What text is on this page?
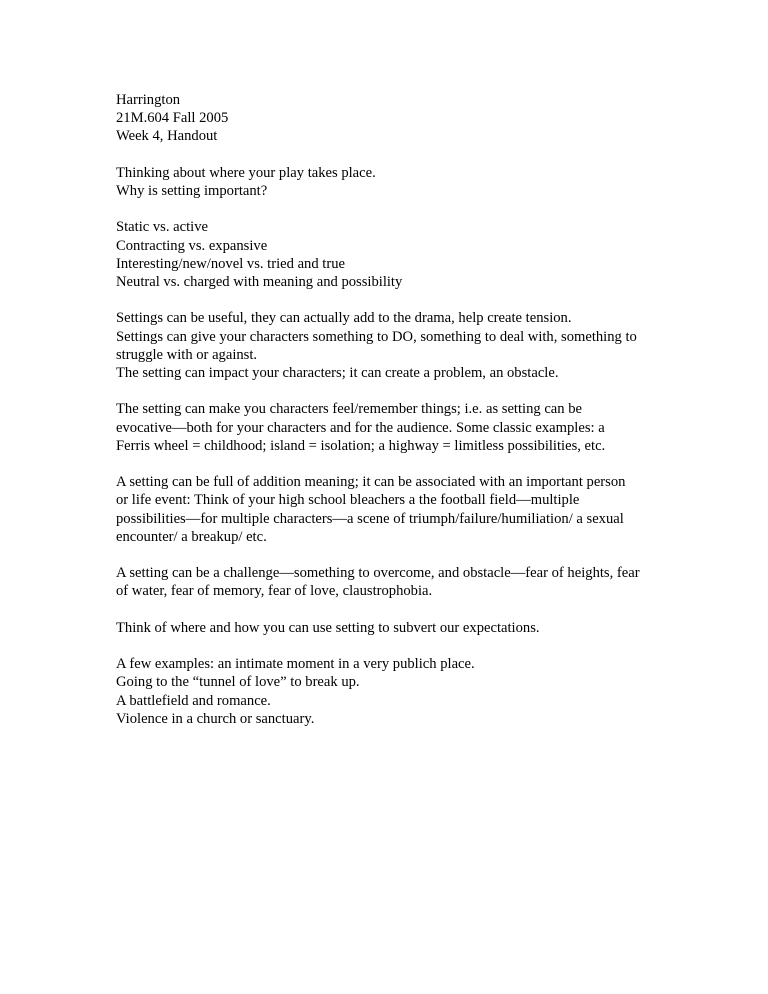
Harrington
21M.604 Fall 2005
Week 4, Handout
Thinking about where your play takes place.
Why is setting important?
Static vs. active
Contracting vs. expansive
Interesting/new/novel vs. tried and true
Neutral vs. charged with meaning and possibility
Settings can be useful, they can actually add to the drama, help create tension.
Settings can give your characters something to DO, something to deal with, something to
struggle with or against.
The setting can impact your characters; it can create a problem, an obstacle.
The setting can make you characters feel/remember things; i.e. as setting can be
evocative—both for your characters and for the audience. Some classic examples: a
Ferris wheel = childhood; island = isolation; a highway = limitless possibilities, etc.
A setting can be full of addition meaning; it can be associated with an important person
or life event: Think of your high school bleachers a the football field—multiple
possibilities—for multiple characters—a scene of triumph/failure/humiliation/ a sexual
encounter/ a breakup/ etc.
A setting can be a challenge—something to overcome, and obstacle—fear of heights, fear
of water, fear of memory, fear of love, claustrophobia.
Think of where and how you can use setting to subvert our expectations.
A few examples: an intimate moment in a very publich place.
Going to the “tunnel of love” to break up.
A battlefield and romance.
Violence in a church or sanctuary.
